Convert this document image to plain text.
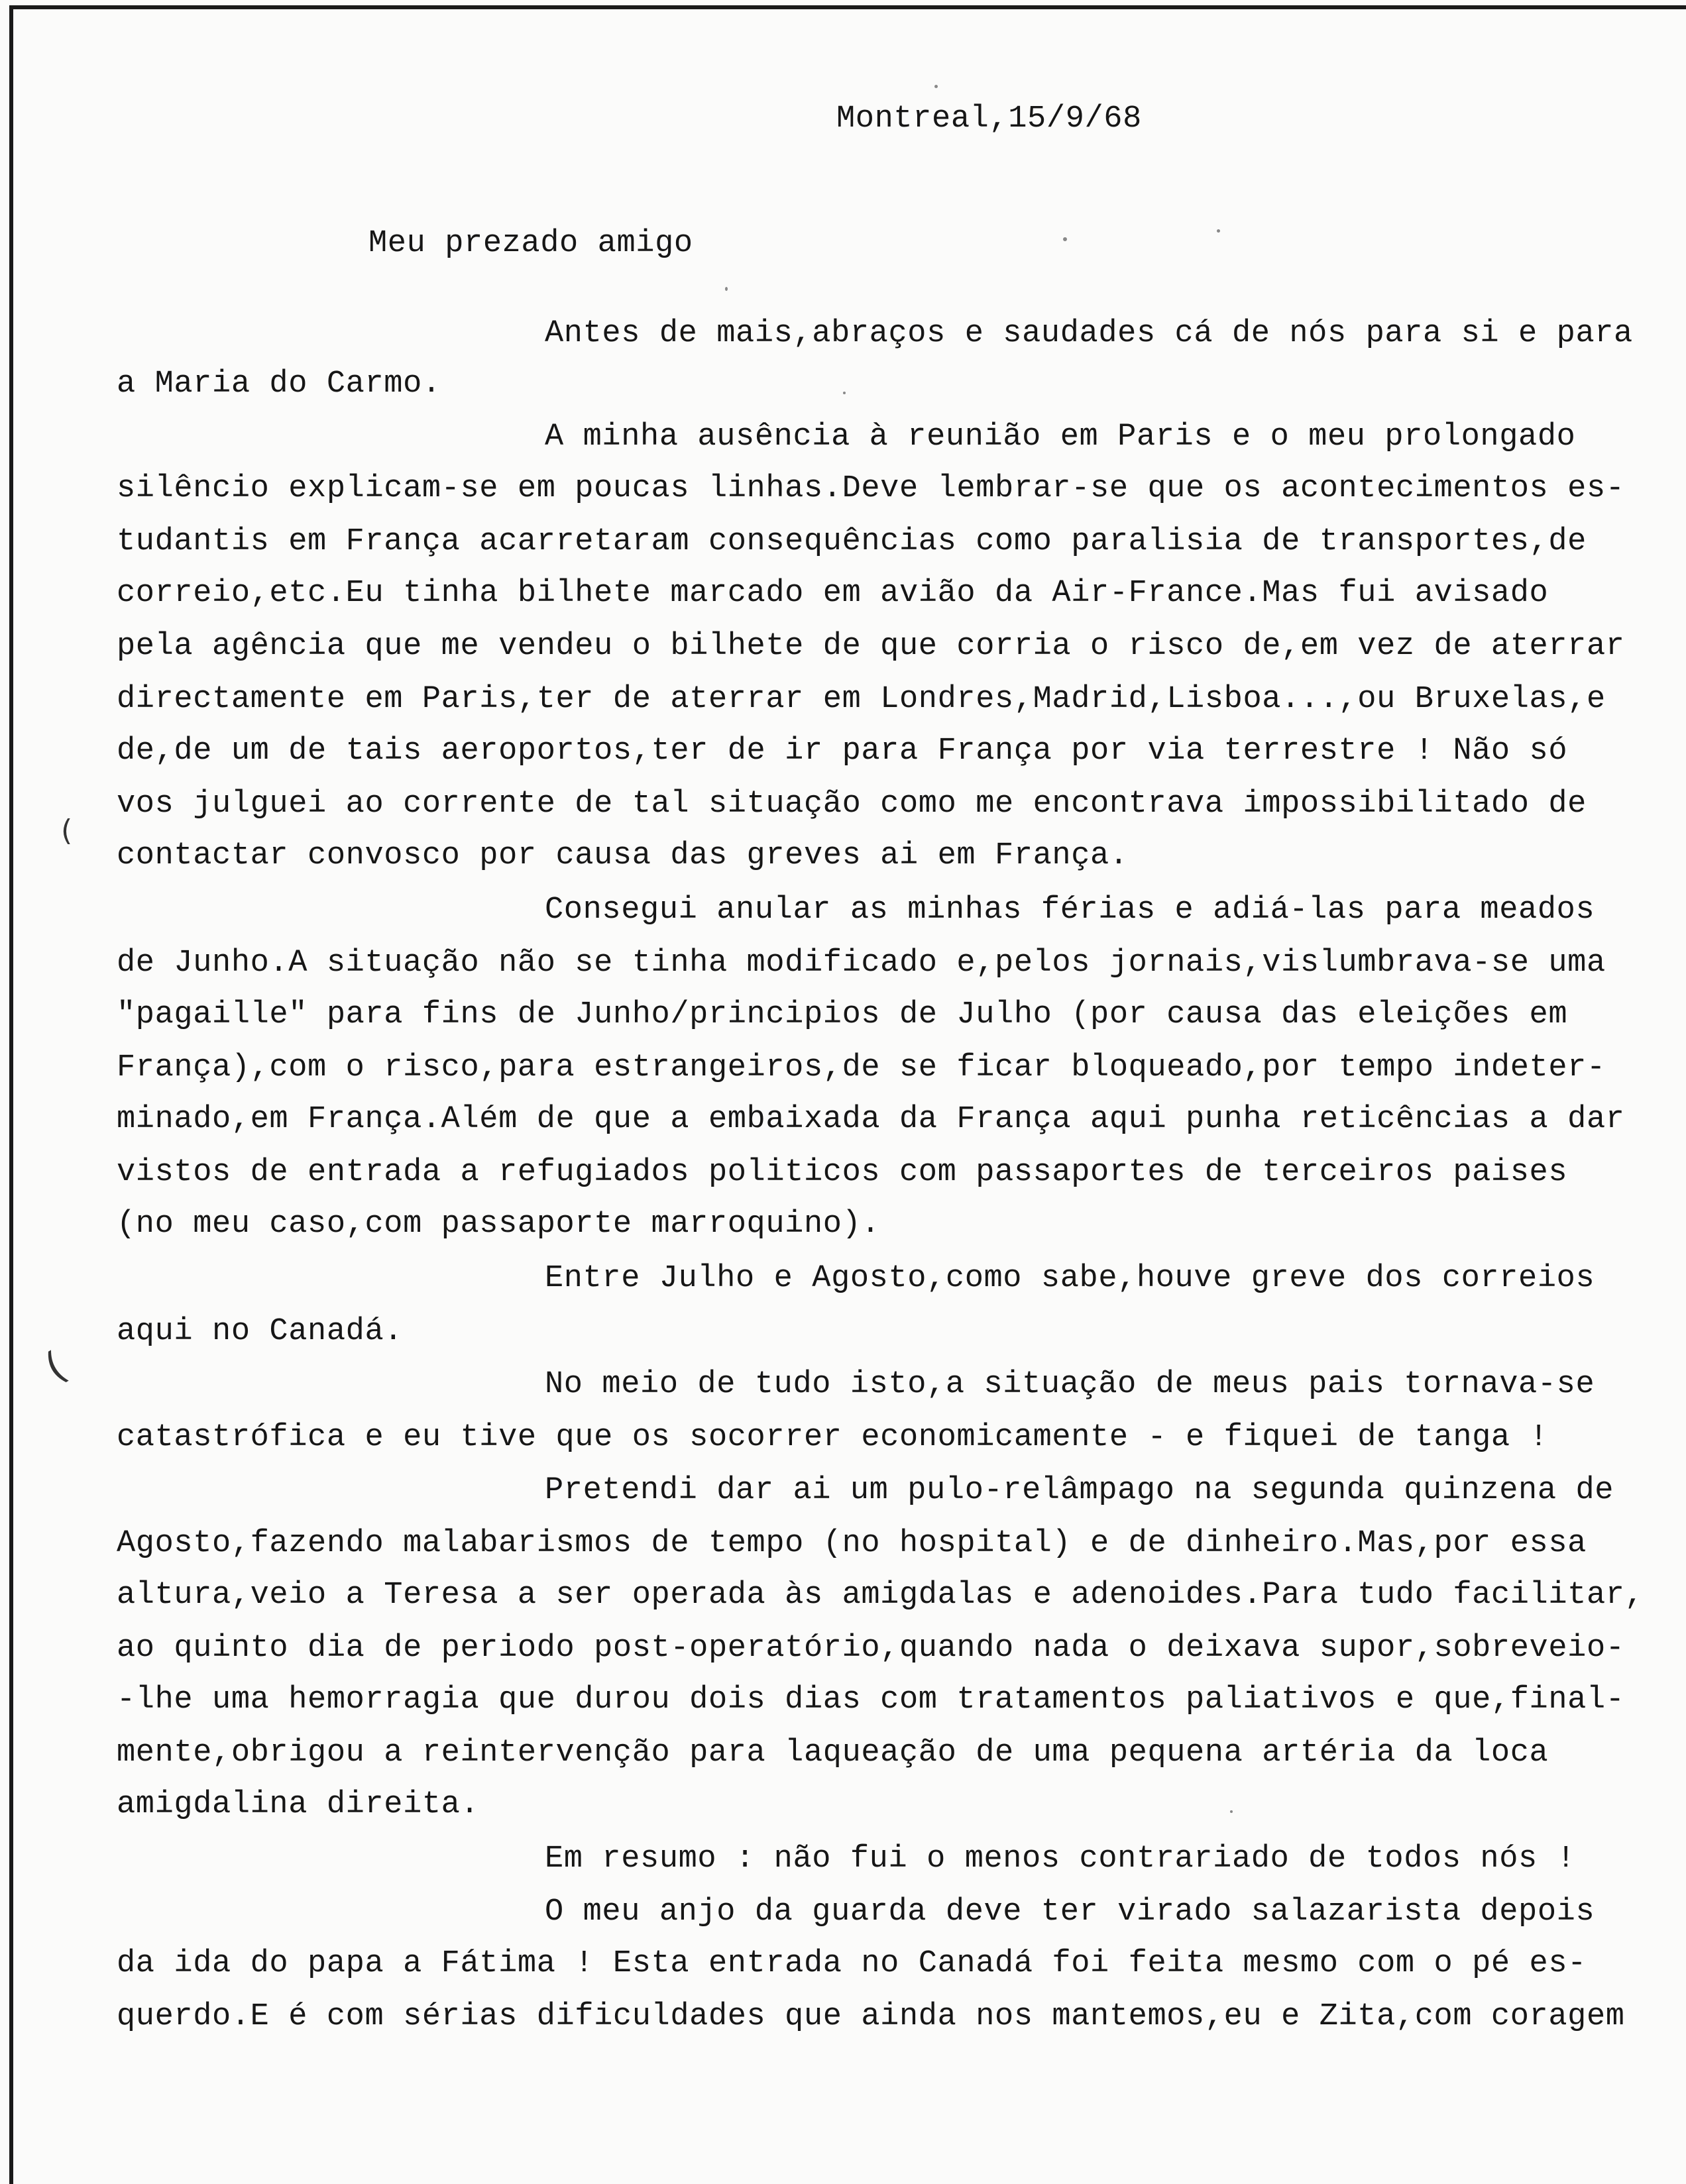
(
(

Montreal,15/9/68

Meu prezado amigo

Antes de mais,abraços e saudades cá de nós para si e para

a Maria do Carmo.

A minha ausência à reunião em Paris e o meu prolongado

silêncio explicam-se em poucas linhas.Deve lembrar-se que os acontecimentos es-

tudantis em França acarretaram consequências como paralisia de transportes,de

correio,etc.Eu tinha bilhete marcado em avião da Air-France.Mas fui avisado

pela agência que me vendeu o bilhete de que corria o risco de,em vez de aterrar

directamente em Paris,ter de aterrar em Londres,Madrid,Lisboa...,ou Bruxelas,e

de,de um de tais aeroportos,ter de ir para França por via terrestre ! Não só

vos julguei ao corrente de tal situação como me encontrava impossibilitado de

contactar convosco por causa das greves ai em França.

Consegui anular as minhas férias e adiá-las para meados

de Junho.A situação não se tinha modificado e,pelos jornais,vislumbrava-se uma

"pagaille" para fins de Junho/principios de Julho (por causa das eleições em

França),com o risco,para estrangeiros,de se ficar bloqueado,por tempo indeter-

minado,em França.Além de que a embaixada da França aqui punha reticências a dar

vistos de entrada a refugiados politicos com passaportes de terceiros paises

(no meu caso,com passaporte marroquino).

Entre Julho e Agosto,como sabe,houve greve dos correios

aqui no Canadá.

No meio de tudo isto,a situação de meus pais tornava-se

catastrófica e eu tive que os socorrer economicamente - e fiquei de tanga !

Pretendi dar ai um pulo-relâmpago na segunda quinzena de

Agosto,fazendo malabarismos de tempo (no hospital) e de dinheiro.Mas,por essa

altura,veio a Teresa a ser operada às amigdalas e adenoides.Para tudo facilitar,

ao quinto dia de periodo post-operatório,quando nada o deixava supor,sobreveio-

-lhe uma hemorragia que durou dois dias com tratamentos paliativos e que,final-

mente,obrigou a reintervenção para laqueação de uma pequena artéria da loca

amigdalina direita.

Em resumo : não fui o menos contrariado de todos nós !

O meu anjo da guarda deve ter virado salazarista depois

da ida do papa a Fátima ! Esta entrada no Canadá foi feita mesmo com o pé es-

querdo.E é com sérias dificuldades que ainda nos mantemos,eu e Zita,com coragem
